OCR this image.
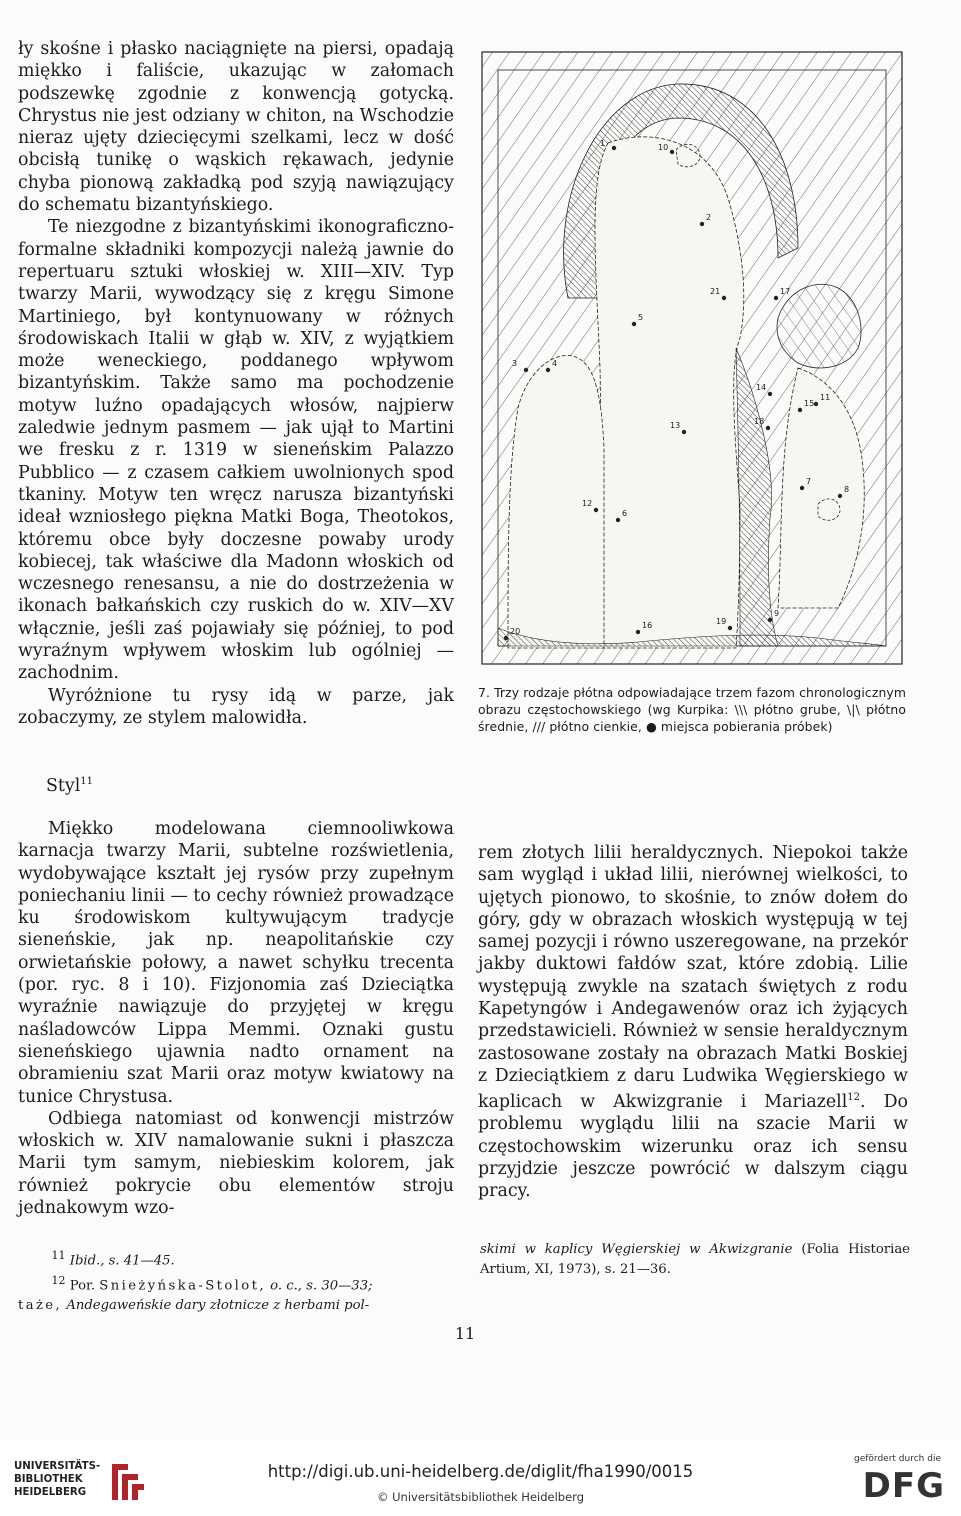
ły skośne i płasko naciągnięte na piersi, opadają miękko i faliście, ukazując w załomach podszewkę zgodnie z konwencją gotycką. Chrystus nie jest odziany w chiton, na Wschodzie nieraz ujęty dziecięcymi szelkami, lecz w dość obcisłą tunikę o wąskich rękawach, jedynie chyba pionową zakładką pod szyją nawiązujący do schematu bizantyńskiego.

Te niezgodne z bizantyńskimi ikonograficzno-formalne składniki kompozycji należą jawnie do repertuaru sztuki włoskiej w. XIII—XIV. Typ twarzy Marii, wywodzący się z kręgu Simone Martiniego, był kontynuowany w różnych środowiskach Italii w głąb w. XIV, z wyjątkiem może weneckiego, poddanego wpływom bizantyńskim. Także samo ma pochodzenie motyw luźno opadających włosów, najpierw zaledwie jednym pasmem — jak ujął to Martini we fresku z r. 1319 w sieneńskim Palazzo Pubblico — z czasem całkiem uwolnionych spod tkaniny. Motyw ten wręcz narusza bizantyński ideał wzniosłego piękna Matki Boga, Theotokos, któremu obce były doczesne powaby urody kobiecej, tak właściwe dla Madonn włoskich od wczesnego renesansu, a nie do dostrzeżenia w ikonach bałkańskich czy ruskich do w. XIV—XV włącznie, jeśli zaś pojawiały się później, to pod wyraźnym wpływem włoskim lub ogólniej — zachodnim.

Wyróżnione tu rysy idą w parze, jak zobaczymy, ze stylem malowidła.

Styl$^{11}$

Miękko modelowana ciemnooliwkowa karnacja twarzy Marii, subtelne rozświetlenia, wydobywające kształt jej rysów przy zupełnym poniechaniu linii — to cechy również prowadzące ku środowiskom kultywującym tradycje sieneńskie, jak np. neapolitańskie czy orwietańskie połowy, a nawet schyłku trecenta (por. ryc. 8 i 10). Fizjonomia zaś Dzieciątka wyraźnie nawiązuje do przyjętej w kręgu naśladowców Lippa Memmi. Oznaki gustu sieneńskiego ujawnia nadto ornament na obramieniu szat Marii oraz motyw kwiatowy na tunice Chrystusa.

Odbiega natomiast od konwencji mistrzów włoskich w. XIV namalowanie sukni i płaszcza Marii tym samym, niebieskim kolorem, jak również pokrycie obu elementów stroju jednakowym wzo-

1
2
3	4
5
6
7
8
9
10
11
12
13
14
15
16
17
18
19
20
21
7. Trzy rodzaje płótna odpowiadające trzem fazom chronologicznym obrazu częstochowskiego (wg Kurpika: \\\ płótno grube, \|\ płótno średnie, /// płótno cienkie, ● miejsca pobierania próbek)

rem złotych lilii heraldycznych. Niepokoi także sam wygląd i układ lilii, nierównej wielkości, to ujętych pionowo, to skośnie, to znów dołem do góry, gdy w obrazach włoskich występują w tej samej pozycji i równo uszeregowane, na przekór jakby duktowi fałdów szat, które zdobią. Lilie występują zwykle na szatach świętych z rodu Kapetyngów i Andegawenów oraz ich żyjących przedstawicieli. Również w sensie heraldycznym zastosowane zostały na obrazach Matki Boskiej z Dzieciątkiem z daru Ludwika Węgierskiego w kaplicach w Akwizgranie i Mariazell$^{12}$. Do problemu wyglądu lilii na szacie Marii w częstochowskim wizerunku oraz ich sensu przyjdzie jeszcze powrócić w dalszym ciągu pracy.

$^{11}$ Ibid., s. 41—45.
$^{12}$ Por. Snieżyńska-Stolot, o. c., s. 30—33;
taże, Andegaweńskie dary złotnicze z herbami pol-
skimi w kaplicy Węgierskiej w Akwizgranie (Folia Historiae Artium, XI, 1973), s. 21—36.
11
UNIVERSITÄTS-
BIBLIOTHEK
HEIDELBERG
http://digi.ub.uni-heidelberg.de/diglit/fha1990/0015
© Universitätsbibliothek Heidelberg
gefördert durch die
DFG
